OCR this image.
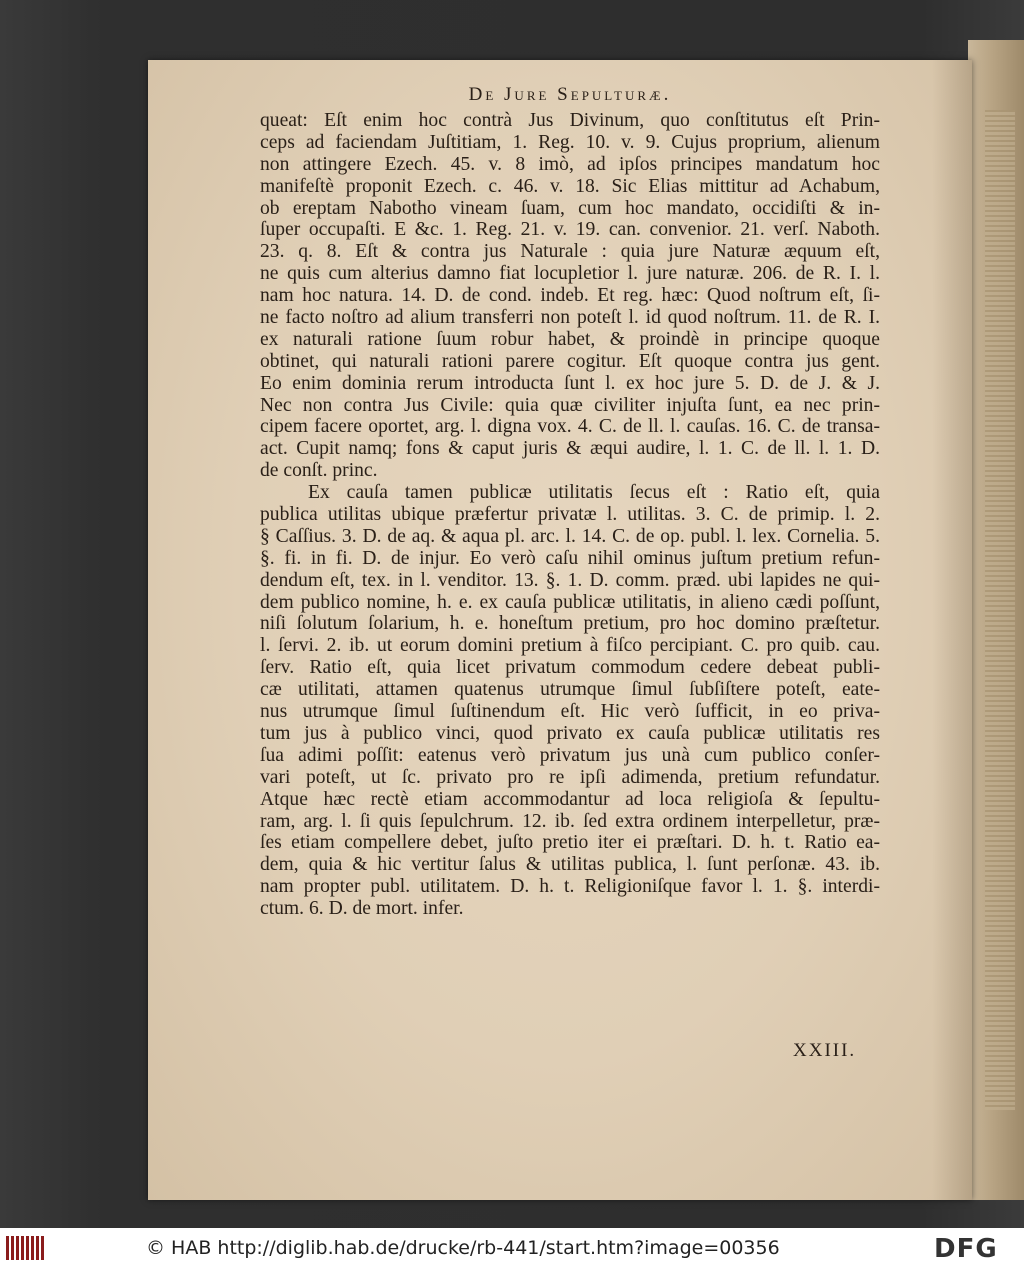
De Jure Sepulturæ.
queat: Eſt enim hoc contrà Jus Divinum, quo conſtitutus eſt Prin-
ceps ad faciendam Juſtitiam, 1. Reg. 10. v. 9. Cujus proprium, alienum
non attingere Ezech. 45. v. 8 imò, ad ipſos principes mandatum hoc
manifeſtè proponit Ezech. c. 46. v. 18. Sic Elias mittitur ad Achabum,
ob ereptam Nabotho vineam ſuam, cum hoc mandato, occidiſti & in-
ſuper occupaſti. E &c. 1. Reg. 21. v. 19. can. convenior. 21. verſ. Naboth.
23. q. 8. Eſt & contra jus Naturale : quia jure Naturæ æquum eſt,
ne quis cum alterius damno fiat locupletior l. jure naturæ. 206. de R. I. l.
nam hoc natura. 14. D. de cond. indeb. Et reg. hæc: Quod noſtrum eſt, ſi-
ne facto noſtro ad alium transferri non poteſt l. id quod noſtrum. 11. de R. I.
ex naturali ratione ſuum robur habet, & proindè in principe quoque
obtinet, qui naturali rationi parere cogitur. Eſt quoque contra jus gent.
Eo enim dominia rerum introducta ſunt l. ex hoc jure 5. D. de J. & J.
Nec non contra Jus Civile: quia quæ civiliter injuſta ſunt, ea nec prin-
cipem facere oportet, arg. l. digna vox. 4. C. de ll. l. cauſas. 16. C. de transa-
act. Cupit namq; fons & caput juris & æqui audire, l. 1. C. de ll. l. 1. D.
de conſt. princ.
Ex cauſa tamen publicæ utilitatis ſecus eſt : Ratio eſt, quia
publica utilitas ubique præfertur privatæ l. utilitas. 3. C. de primip. l. 2.
§ Caſſius. 3. D. de aq. & aqua pl. arc. l. 14. C. de op. publ. l. lex. Cornelia. 5.
§. fi. in fi. D. de injur. Eo verò caſu nihil ominus juſtum pretium refun-
dendum eſt, tex. in l. venditor. 13. §. 1. D. comm. præd. ubi lapides ne qui-
dem publico nomine, h. e. ex cauſa publicæ utilitatis, in alieno cædi poſſunt,
niſi ſolutum ſolarium, h. e. honeſtum pretium, pro hoc domino præſtetur.
l. ſervi. 2. ib. ut eorum domini pretium à fiſco percipiant. C. pro quib. cau.
ſerv. Ratio eſt, quia licet privatum commodum cedere debeat publi-
cæ utilitati, attamen quatenus utrumque ſimul ſubſiſtere poteſt, eate-
nus utrumque ſimul ſuſtinendum eſt. Hic verò ſufficit, in eo priva-
tum jus à publico vinci, quod privato ex cauſa publicæ utilitatis res
ſua adimi poſſit: eatenus verò privatum jus unà cum publico conſer-
vari poteſt, ut ſc. privato pro re ipſi adimenda, pretium refundatur.
Atque hæc rectè etiam accommodantur ad loca religioſa & ſepultu-
ram, arg. l. ſi quis ſepulchrum. 12. ib. ſed extra ordinem interpelletur, præ-
ſes etiam compellere debet, juſto pretio iter ei præſtari. D. h. t. Ratio ea-
dem, quia & hic vertitur ſalus & utilitas publica, l. ſunt perſonæ. 43. ib.
nam propter publ. utilitatem. D. h. t. Religioniſque favor l. 1. §. interdi-
ctum. 6. D. de mort. infer.
XXIII.
© HAB http://diglib.hab.de/drucke/rb-441/start.htm?image=00356	DFG
